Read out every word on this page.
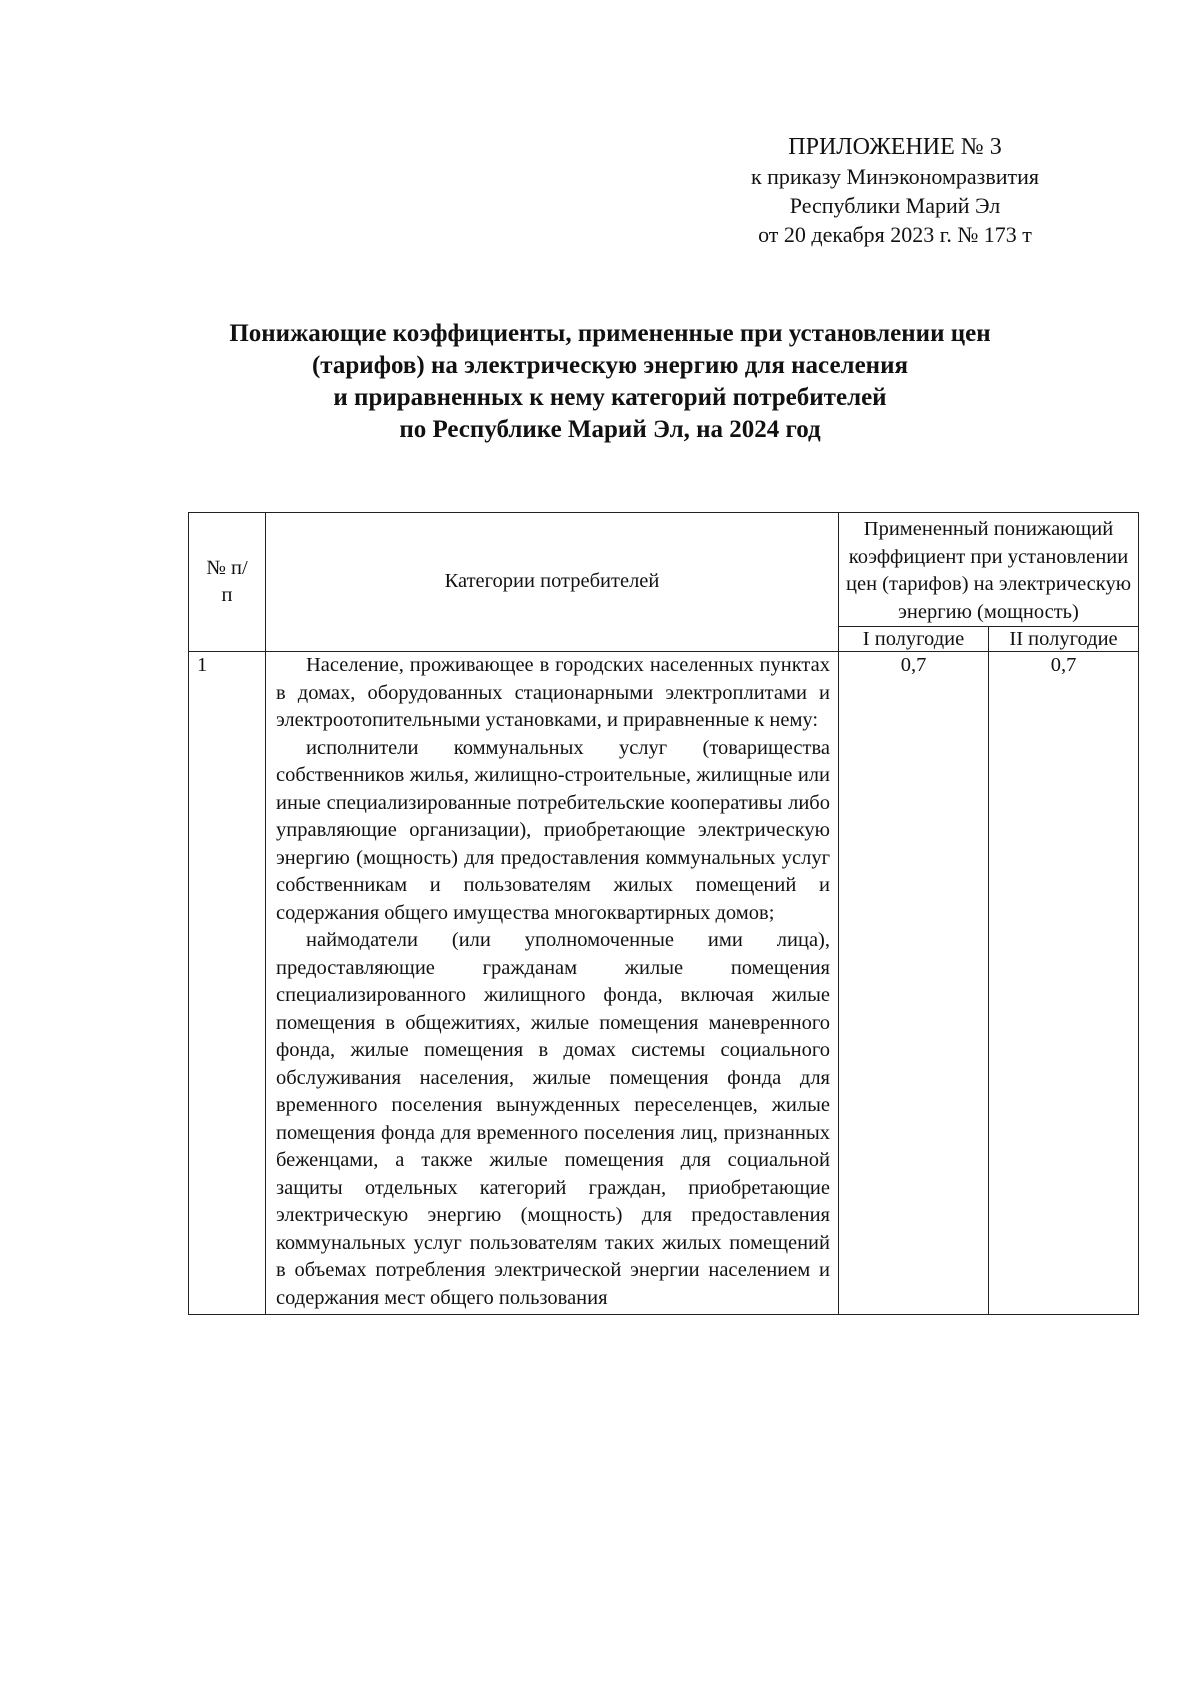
ПРИЛОЖЕНИЕ № 3
к приказу Минэкономразвития
Республики Марий Эл
от 20 декабря 2023 г. № 173 т
Понижающие коэффициенты, примененные при установлении цен
(тарифов) на электрическую энергию для населения
и приравненных к нему категорий потребителей
по Республике Марий Эл, на 2024 год
№ п/п	Категории потребителей	Примененный понижающий коэффициент при установлении цен (тарифов) на электрическую энергию (мощность)	
		I полугодие	II полугодие
1	Население, проживающее в городских населенных пунктах в домах, оборудованных стационарными электроплитами и электроотопительными установками, и приравненные к нему:

исполнители коммунальных услуг (товарищества собственников жилья, жилищно-строительные, жилищные или иные специализированные потребительские кооперативы либо управляющие организации), приобретающие электрическую энергию (мощность) для предоставления коммунальных услуг собственникам и пользователям жилых помещений и содержания общего имущества многоквартирных домов;

наймодатели (или уполномоченные ими лица), предоставляющие гражданам жилые помещения специализированного жилищного фонда, включая жилые помещения в общежитиях, жилые помещения маневренного фонда, жилые помещения в домах системы социального обслуживания населения, жилые помещения фонда для временного поселения вынужденных переселенцев, жилые помещения фонда для временного поселения лиц, признанных беженцами, а также жилые помещения для социальной защиты отдельных категорий граждан, приобретающие электрическую энергию (мощность) для предоставления коммунальных услуг пользователям таких жилых помещений в объемах потребления электрической энергии населением и содержания мест общего пользования	0,7	0,7
